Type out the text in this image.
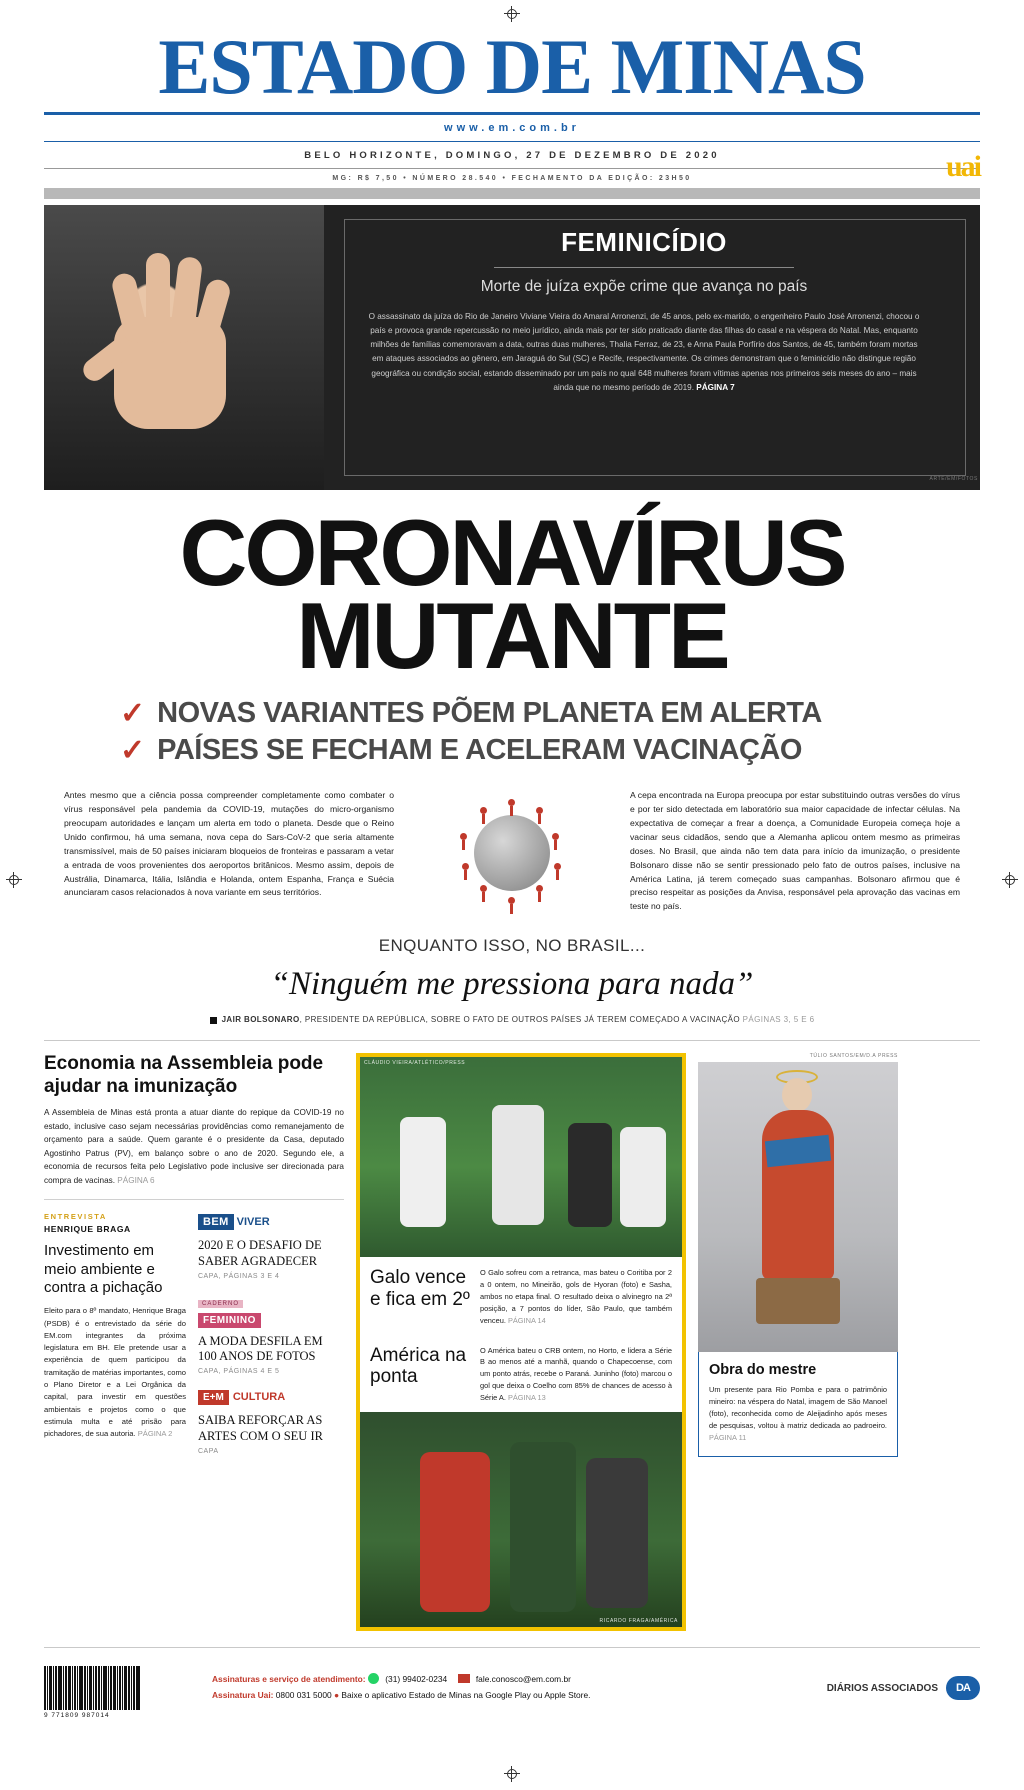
ESTADO DE MINAS
www.em.com.br
BELO HORIZONTE, DOMINGO, 27 DE DEZEMBRO DE 2020
MG: R$ 7,50 • NÚMERO 28.540 • FECHAMENTO DA EDIÇÃO: 23H50	uai
FEMINICÍDIO
Morte de juíza expõe crime que avança no país
O assassinato da juíza do Rio de Janeiro Viviane Vieira do Amaral Arronenzi, de 45 anos, pelo ex-marido, o engenheiro Paulo José Arronenzi, chocou o país e provoca grande repercussão no meio jurídico, ainda mais por ter sido praticado diante das filhas do casal e na véspera do Natal. Mas, enquanto milhões de famílias comemoravam a data, outras duas mulheres, Thalia Ferraz, de 23, e Anna Paula Porfírio dos Santos, de 45, também foram mortas em ataques associados ao gênero, em Jaraguá do Sul (SC) e Recife, respectivamente. Os crimes demonstram que o feminicídio não distingue região geográfica ou condição social, estando disseminado por um país no qual 648 mulheres foram vítimas apenas nos primeiros seis meses do ano – mais ainda que no mesmo período de 2019. PÁGINA 7
ARTE/EM/FOTOS
CORONAVÍRUS
MUTANTE
✓ NOVAS VARIANTES PÕEM PLANETA EM ALERTA
✓ PAÍSES SE FECHAM E ACELERAM VACINAÇÃO
Antes mesmo que a ciência possa compreender completamente como combater o vírus responsável pela pandemia da COVID-19, mutações do micro-organismo preocupam autoridades e lançam um alerta em todo o planeta. Desde que o Reino Unido confirmou, há uma semana, nova cepa do Sars-CoV-2 que seria altamente transmissível, mais de 50 países iniciaram bloqueios de fronteiras e passaram a vetar a entrada de voos provenientes dos aeroportos britânicos. Mesmo assim, depois de Austrália, Dinamarca, Itália, Islândia e Holanda, ontem Espanha, França e Suécia anunciaram casos relacionados à nova variante em seus territórios.
A cepa encontrada na Europa preocupa por estar substituindo outras versões do vírus e por ter sido detectada em laboratório sua maior capacidade de infectar células. Na expectativa de começar a frear a doença, a Comunidade Europeia começa hoje a vacinar seus cidadãos, sendo que a Alemanha aplicou ontem mesmo as primeiras doses. No Brasil, que ainda não tem data para início da imunização, o presidente Bolsonaro disse não se sentir pressionado pelo fato de outros países, inclusive na América Latina, já terem começado suas campanhas. Bolsonaro afirmou que é preciso respeitar as posições da Anvisa, responsável pela aprovação das vacinas em teste no país.
ENQUANTO ISSO, NO BRASIL...
“Ninguém me pressiona para nada”
JAIR BOLSONARO, PRESIDENTE DA REPÚBLICA, SOBRE O FATO DE OUTROS PAÍSES JÁ TEREM COMEÇADO A VACINAÇÃO PÁGINAS 3, 5 E 6
Economia na Assembleia pode ajudar na imunização
A Assembleia de Minas está pronta a atuar diante do repique da COVID-19 no estado, inclusive caso sejam necessárias providências como remanejamento de orçamento para a saúde. Quem garante é o presidente da Casa, deputado Agostinho Patrus (PV), em balanço sobre o ano de 2020. Segundo ele, a economia de recursos feita pelo Legislativo pode inclusive ser direcionada para compra de vacinas. PÁGINA 6
ENTREVISTA
HENRIQUE BRAGA
Investimento em meio ambiente e contra a pichação
Eleito para o 8º mandato, Henrique Braga (PSDB) é o entrevistado da série do EM.com integrantes da próxima legislatura em BH. Ele pretende usar a experiência de quem participou da tramitação de matérias importantes, como o Plano Diretor e a Lei Orgânica da capital, para investir em questões ambientais e projetos como o que estimula multa e até prisão para pichadores, de sua autoria. PÁGINA 2
BEM VIVER
2020 E O DESAFIO DE SABER AGRADECER
CAPA, PÁGINAS 3 E 4
CADERNO
FEMININO
A MODA DESFILA EM 100 ANOS DE FOTOS
CAPA, PÁGINAS 4 E 5
E+M CULTURA
SAIBA REFORÇAR AS ARTES COM O SEU IR
CAPA
CLÁUDIO VIEIRA/ATLÉTICO/PRESS
Galo vence e fica em 2º
O Galo sofreu com a retranca, mas bateu o Coritiba por 2 a 0 ontem, no Mineirão, gols de Hyoran (foto) e Sasha, ambos no etapa final. O resultado deixa o alvinegro na 2ª posição, a 7 pontos do líder, São Paulo, que também venceu. PÁGINA 14
América na ponta
O América bateu o CRB ontem, no Horto, e lidera a Série B ao menos até a manhã, quando o Chapecoense, com um ponto atrás, recebe o Paraná. Juninho (foto) marcou o gol que deixa o Coelho com 85% de chances de acesso à Série A. PÁGINA 13
RICARDO FRAGA/AMÉRICA
TÚLIO SANTOS/EM/D.A PRESS
Obra do mestre
Um presente para Rio Pomba e para o patrimônio mineiro: na véspera do Natal, imagem de São Manoel (foto), reconhecida como de Aleijadinho após meses de pesquisas, voltou à matriz dedicada ao padroeiro. PÁGINA 11
9 771809 987014
Assinaturas e serviço de atendimento: (31) 99402-0234	fale.conosco@em.com.br
Assinatura Uai: 0800 031 5000 ● Baixe o aplicativo Estado de Minas na Google Play ou Apple Store.
DIÁRIOS ASSOCIADOS	DA
